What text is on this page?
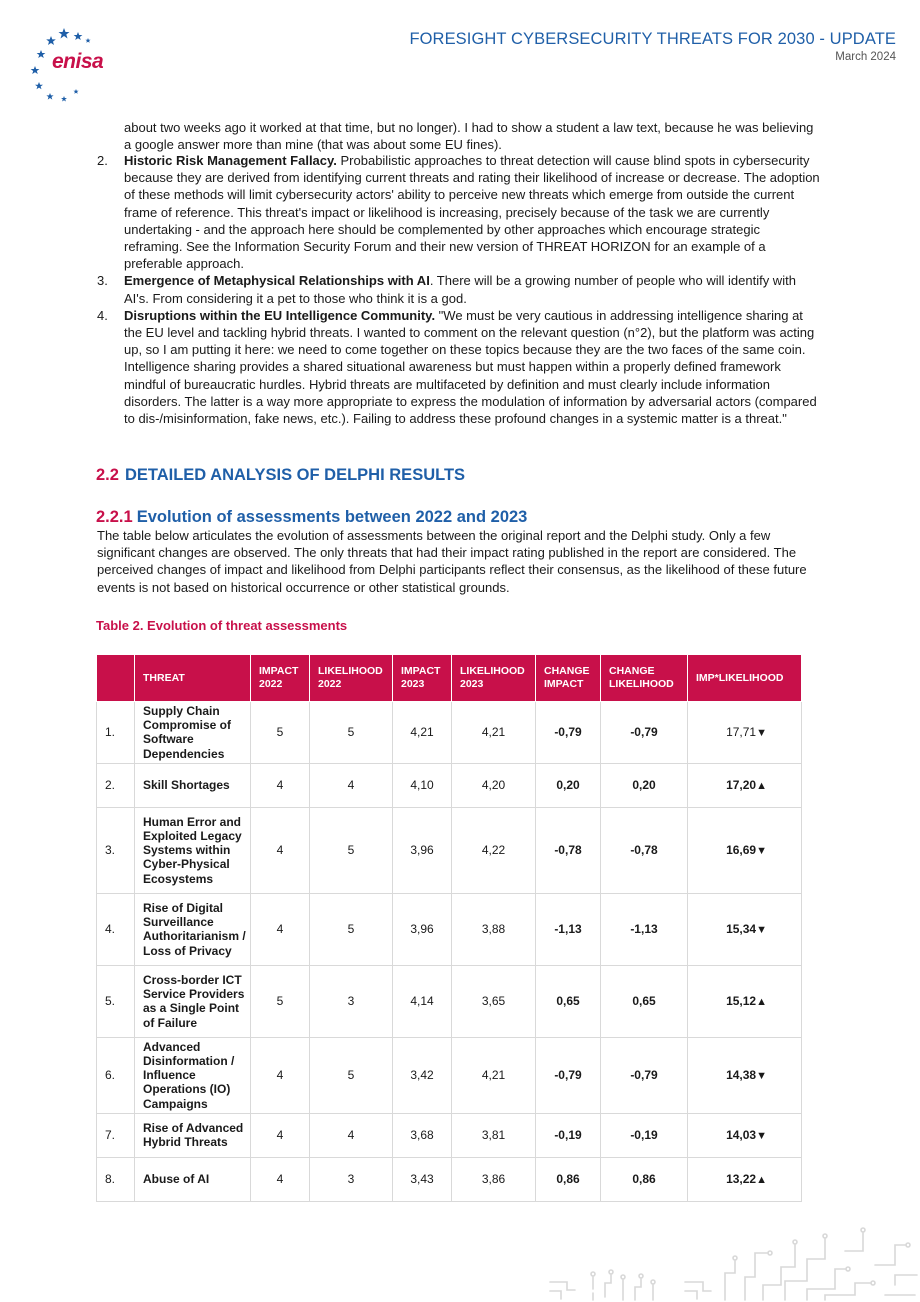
enisa
FORESIGHT CYBERSECURITY THREATS FOR 2030 - UPDATE
March 2024
about two weeks ago it worked at that time, but no longer). I had to show a student a law text, because he was believing a google answer more than mine (that was about some EU fines).
2. Historic Risk Management Fallacy. Probabilistic approaches to threat detection will cause blind spots in cybersecurity because they are derived from identifying current threats and rating their likelihood of increase or decrease. The adoption of these methods will limit cybersecurity actors' ability to perceive new threats which emerge from outside the current frame of reference. This threat's impact or likelihood is increasing, precisely because of the task we are currently undertaking - and the approach here should be complemented by other approaches which encourage strategic reframing. See the Information Security Forum and their new version of THREAT HORIZON for an example of a preferable approach.
3. Emergence of Metaphysical Relationships with AI. There will be a growing number of people who will identify with AI's. From considering it a pet to those who think it is a god.
4. Disruptions within the EU Intelligence Community. "We must be very cautious in addressing intelligence sharing at the EU level and tackling hybrid threats. I wanted to comment on the relevant question (n°2), but the platform was acting up, so I am putting it here: we need to come together on these topics because they are the two faces of the same coin. Intelligence sharing provides a shared situational awareness but must happen within a properly defined framework mindful of bureaucratic hurdles. Hybrid threats are multifaceted by definition and must clearly include information disorders. The latter is a way more appropriate to express the modulation of information by adversarial actors (compared to dis-/misinformation, fake news, etc.). Failing to address these profound changes in a systemic matter is a threat."
2.2 DETAILED ANALYSIS OF DELPHI RESULTS
2.2.1 Evolution of assessments between 2022 and 2023
The table below articulates the evolution of assessments between the original report and the Delphi study. Only a few significant changes are observed. The only threats that had their impact rating published in the report are considered. The perceived changes of impact and likelihood from Delphi participants reflect their consensus, as the likelihood of these future events is not based on historical occurrence or other statistical grounds.
Table 2. Evolution of threat assessments
	THREAT	IMPACT 2022	LIKELIHOOD 2022	IMPACT 2023	LIKELIHOOD 2023	CHANGE IMPACT	CHANGE LIKELIHOOD	IMP*LIKELIHOOD
1.	Supply Chain Compromise of Software Dependencies	5	5	4,21	4,21	-0,79	-0,79	17,71▼
2.	Skill Shortages	4	4	4,10	4,20	0,20	0,20	17,20▲
3.	Human Error and Exploited Legacy Systems within Cyber-Physical Ecosystems	4	5	3,96	4,22	-0,78	-0,78	16,69▼
4.	Rise of Digital Surveillance Authoritarianism / Loss of Privacy	4	5	3,96	3,88	-1,13	-1,13	15,34▼
5.	Cross-border ICT Service Providers as a Single Point of Failure	5	3	4,14	3,65	0,65	0,65	15,12▲
6.	Advanced Disinformation / Influence Operations (IO) Campaigns	4	5	3,42	4,21	-0,79	-0,79	14,38▼
7.	Rise of Advanced Hybrid Threats	4	4	3,68	3,81	-0,19	-0,19	14,03▼
8.	Abuse of AI	4	3	3,43	3,86	0,86	0,86	13,22▲
